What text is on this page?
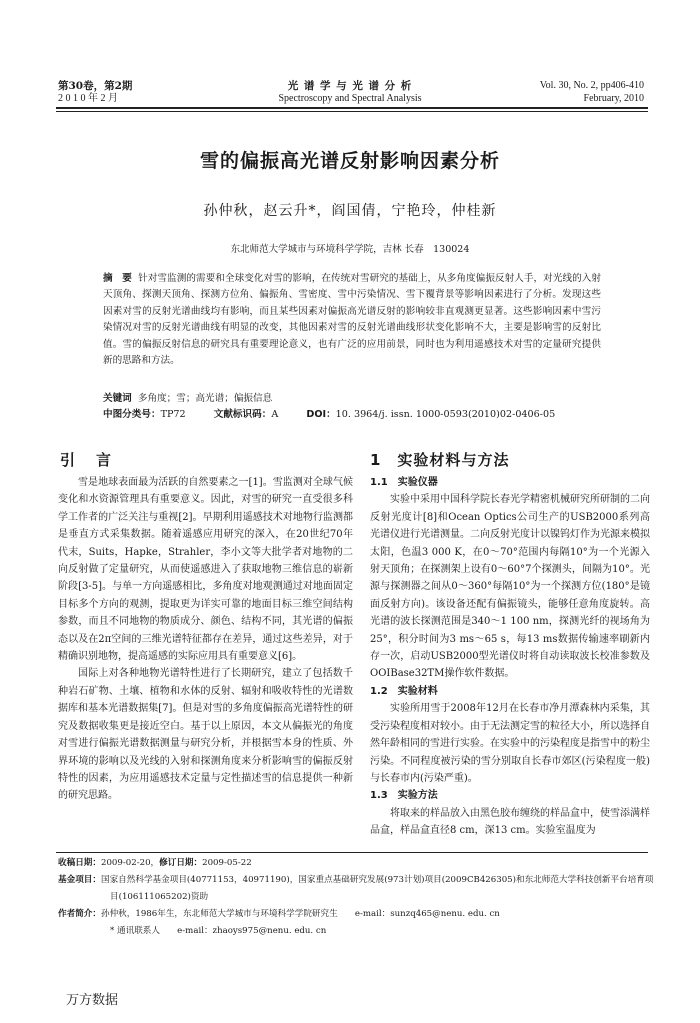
第30卷，第2期
2 0 1 0 年 2 月
光 谱 学 与 光 谱 分 析
Spectroscopy and Spectral Analysis
Vol. 30, No. 2, pp406-410
February, 2010
雪的偏振高光谱反射影响因素分析
孙仲秋，赵云升*，阎国倩，宁艳玲，仲桂新
东北师范大学城市与环境科学学院，吉林 长春　130024
摘　要 针对雪监测的需要和全球变化对雪的影响，在传统对雪研究的基础上，从多角度偏振反射人手，对光线的入射天顶角、探测天顶角、探测方位角、偏振角、雪密度、雪中污染情况、雪下覆背景等影响因素进行了分析。发现这些因素对雪的反射光谱曲线均有影响，而且某些因素对偏振高光谱反射的影响较非直观测更显著。这些影响因素中雪污染情况对雪的反射光谱曲线有明显的改变，其他因素对雪的反射光谱曲线形状变化影响不大，主要是影响雪的反射比值。雪的偏振反射信息的研究具有重要理论意义，也有广泛的应用前景，同时也为利用遥感技术对雪的定量研究提供新的思路和方法。
关键词 多角度；雪；高光谱；偏振信息
中图分类号：TP72	文献标识码：A	DOI：10. 3964/j. issn. 1000-0593(2010)02-0406-05
引　言

雪是地球表面最为活跃的自然要素之一[1]。雪监测对全球气候变化和水资源管理具有重要意义。因此，对雪的研究一直受很多科学工作者的广泛关注与重视[2]。早期利用遥感技术对地物行监测都是垂直方式采集数据。随着遥感应用研究的深入，在20世纪70年代末，Suits，Hapke，Strahler，李小文等大批学者对地物的二向反射做了定量研究，从而使遥感进入了获取地物三维信息的崭新阶段[3-5]。与单一方向遥感相比，多角度对地观测通过对地面固定目标多个方向的观测，提取更为详实可靠的地面目标三维空间结构参数，而且不同地物的物质成分、颜色、结构不同，其光谱的偏振态以及在2π空间的三维光谱特征都存在差异，通过这些差异，对于精确识别地物，提高遥感的实际应用具有重要意义[6]。

国际上对各种地物光谱特性进行了长期研究，建立了包括数千种岩石矿物、土壤、植物和水体的反射、辐射和吸收特性的光谱数据库和基本光谱数据集[7]。但是对雪的多角度偏振高光谱特性的研究及数据收集更是接近空白。基于以上原因，本文从偏振光的角度对雪进行偏振光谱数据测量与研究分析，并根据雪本身的性质、外界环境的影响以及光线的入射和探测角度来分析影响雪的偏振反射特性的因素，为应用遥感技术定量与定性描述雪的信息提供一种新的研究思路。

1　实验材料与方法
1.1　实验仪器

实验中采用中国科学院长春光学精密机械研究所研制的二向反射光度计[8]和Ocean Optics公司生产的USB2000系列高光谱仪进行光谱测量。二向反射光度计以镍钨灯作为光源来模拟太阳，色温3 000 K，在0～70°范围内每隔10°为一个光源入射天顶角；在探测架上设有0～60°7个探测头，间隔为10°。光源与探测器之间从0～360°每隔10°为一个探测方位(180°是镜面反射方向)。该设备还配有偏振镜头，能够任意角度旋转。高光谱的波长探测范围是340～1 100 nm，探测光纤的视场角为25°，积分时间为3 ms～65 s，每13 ms数据传输速率刷新内存一次，启动USB2000型光谱仪时将自动读取波长校准参数及OOIBase32TM操作软件数据。

1.2　实验材料

实验所用雪于2008年12月在长春市净月潭森林内采集，其受污染程度相对较小。由于无法测定雪的粒径大小，所以选择自然年龄相同的雪进行实验。在实验中的污染程度是指雪中的粉尘污染。不同程度被污染的雪分别取自长春市郊区(污染程度一般)与长春市内(污染严重)。

1.3　实验方法

将取来的样品放入由黑色胶布缠绕的样品盒中，使雪添满样品盒，样品盒直径8 cm，深13 cm。实验室温度为

收稿日期：2009-02-20，修订日期：2009-05-22
基金项目：国家自然科学基金项目(40771153，40971190)，国家重点基础研究发展(973计划)项目(2009CB426305)和东北师范大学科技创新平台培育项目(106111065202)资助
作者简介：孙仲秋，1986年生，东北师范大学城市与环境科学学院研究生　　e-mail：sunzq465@nenu. edu. cn
* 通讯联系人　　e-mail：zhaoys975@nenu. edu. cn
万方数据
